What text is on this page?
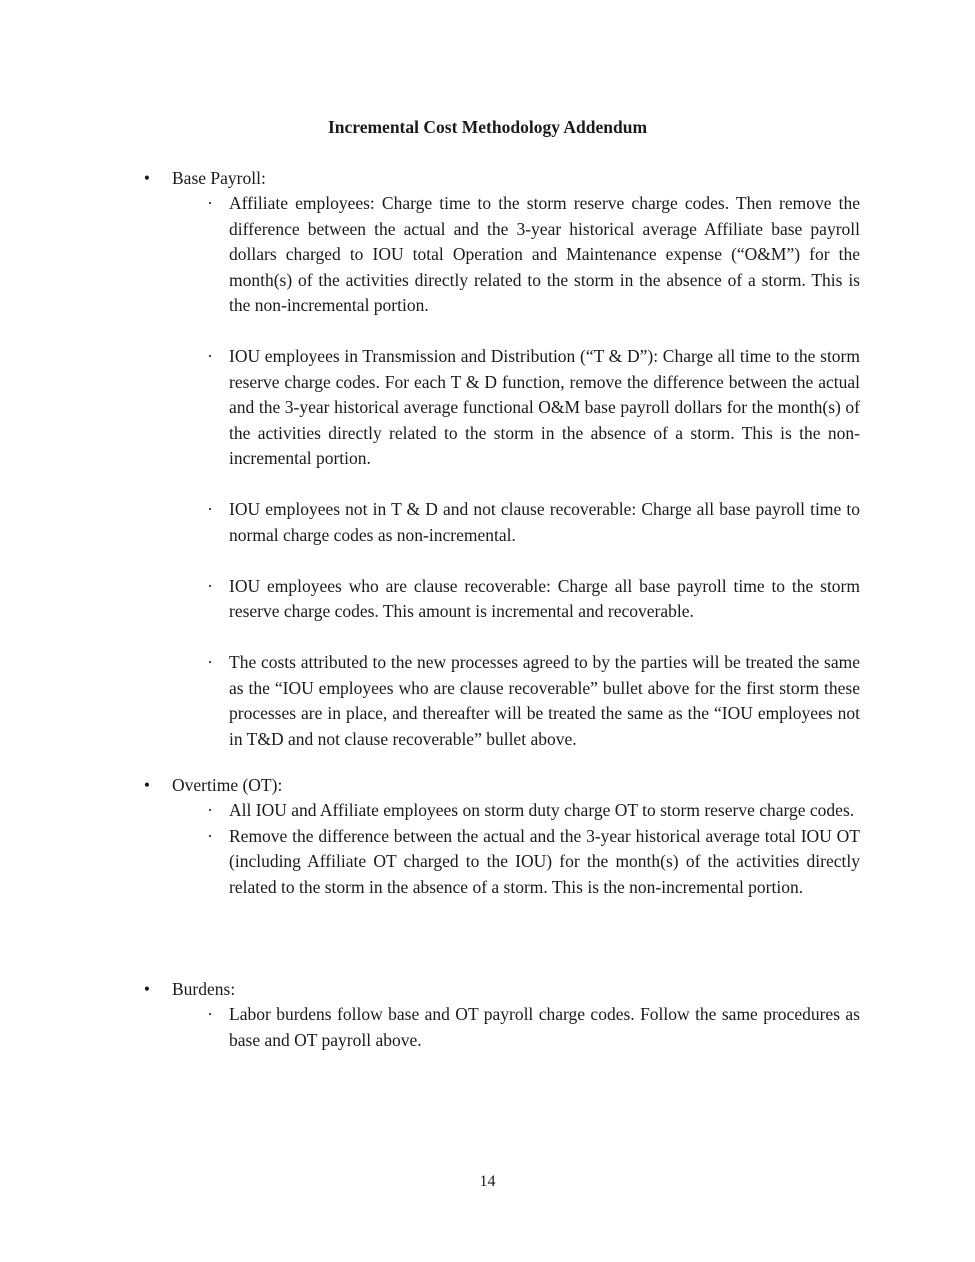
Incremental Cost Methodology Addendum
• Base Payroll:
· Affiliate employees: Charge time to the storm reserve charge codes. Then remove the difference between the actual and the 3-year historical average Affiliate base payroll dollars charged to IOU total Operation and Maintenance expense (“O&M”) for the month(s) of the activities directly related to the storm in the absence of a storm. This is the non-incremental portion.
· IOU employees in Transmission and Distribution (“T & D”): Charge all time to the storm reserve charge codes. For each T & D function, remove the difference between the actual and the 3-year historical average functional O&M base payroll dollars for the month(s) of the activities directly related to the storm in the absence of a storm. This is the non-incremental portion.
· IOU employees not in T & D and not clause recoverable: Charge all base payroll time to normal charge codes as non-incremental.
· IOU employees who are clause recoverable: Charge all base payroll time to the storm reserve charge codes. This amount is incremental and recoverable.
· The costs attributed to the new processes agreed to by the parties will be treated the same as the “IOU employees who are clause recoverable” bullet above for the first storm these processes are in place, and thereafter will be treated the same as the “IOU employees not in T&D and not clause recoverable” bullet above.
• Overtime (OT):
· All IOU and Affiliate employees on storm duty charge OT to storm reserve charge codes.
· Remove the difference between the actual and the 3-year historical average total IOU OT (including Affiliate OT charged to the IOU) for the month(s) of the activities directly related to the storm in the absence of a storm. This is the non-incremental portion.
• Burdens:
· Labor burdens follow base and OT payroll charge codes. Follow the same procedures as base and OT payroll above.
14
